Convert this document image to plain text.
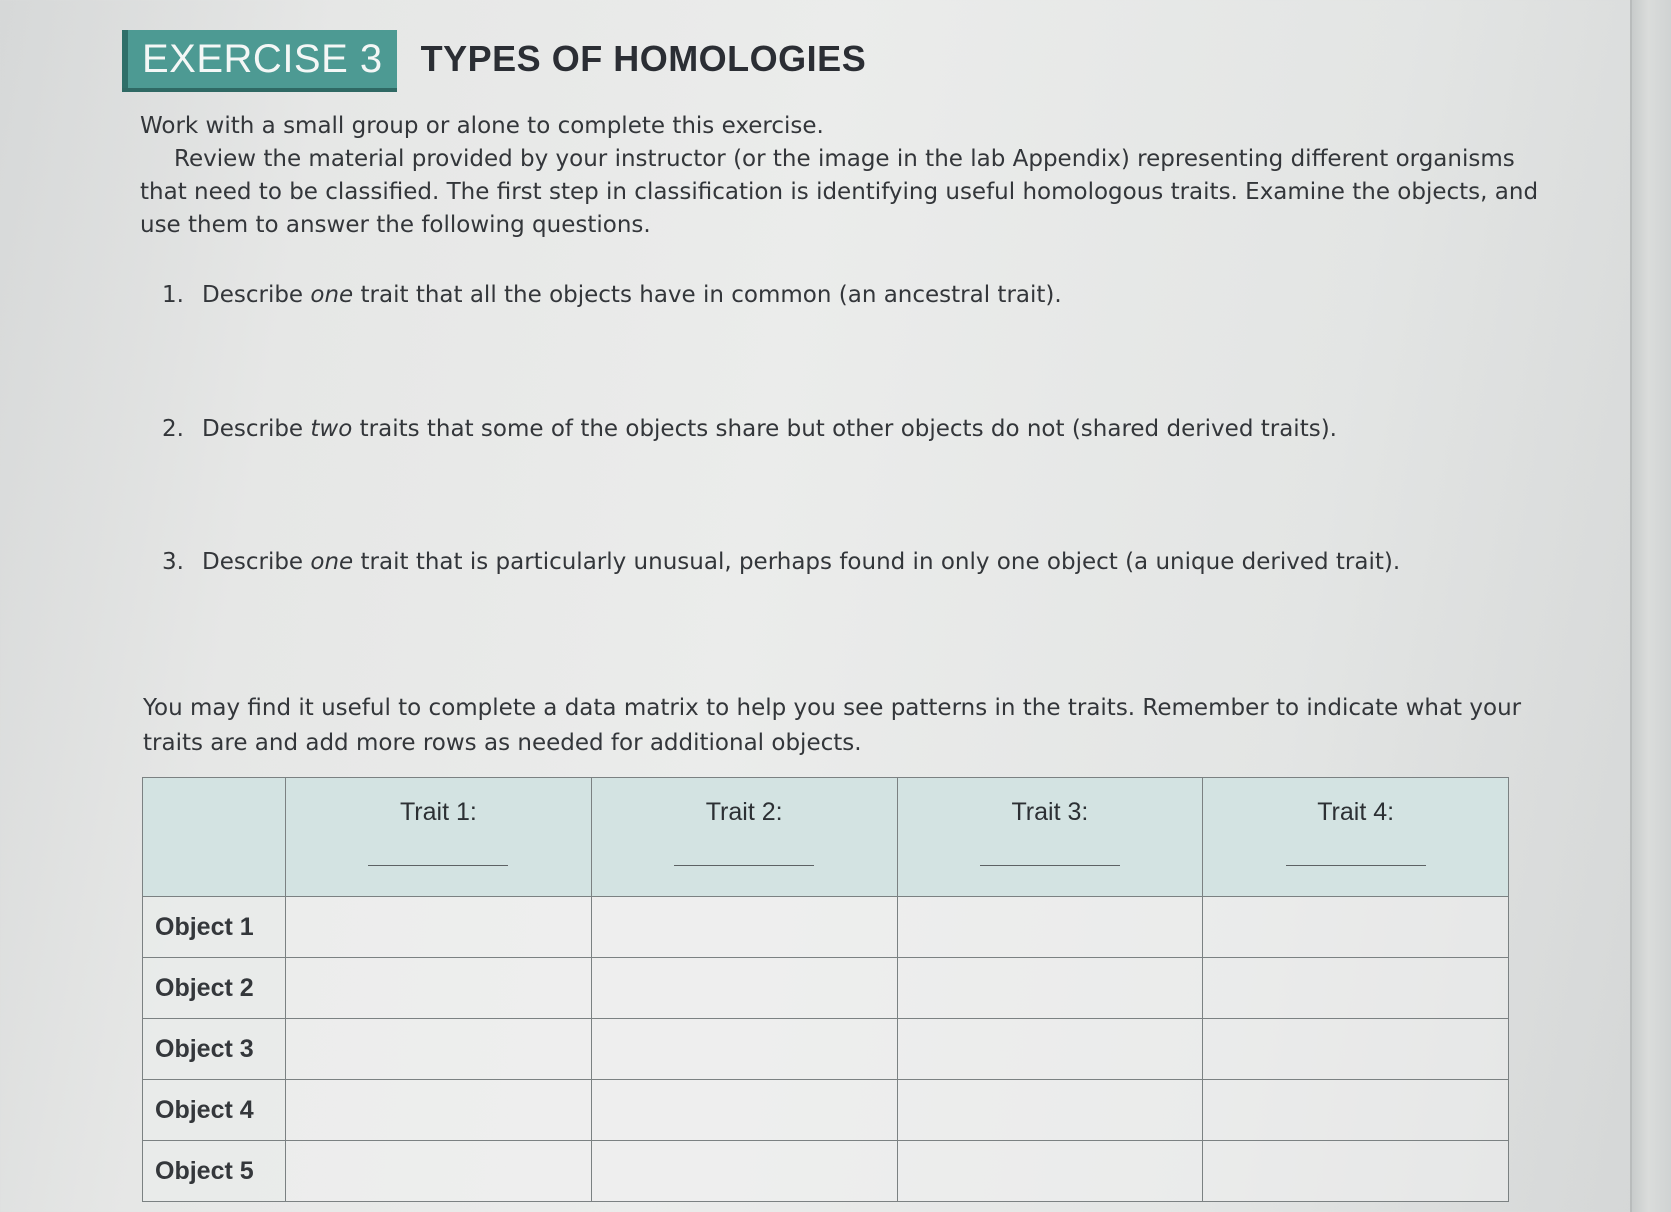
EXERCISE 3	TYPES OF HOMOLOGIES

Work with a small group or alone to complete this exercise.

Review the material provided by your instructor (or the image in the lab Appendix) representing different organisms that need to be classified. The first step in classification is identifying useful homologous traits. Examine the objects, and use them to answer the following questions.

1. Describe one trait that all the objects have in common (an ancestral trait).
2. Describe two traits that some of the objects share but other objects do not (shared derived traits).
3. Describe one trait that is particularly unusual, perhaps found in only one object (a unique derived trait).

You may find it useful to complete a data matrix to help you see patterns in the traits. Remember to indicate what your traits are and add more rows as needed for additional objects.

	Trait 1:	Trait 2:	Trait 3:	Trait 4:

Object 1				
Object 2				
Object 3				
Object 4				
Object 5				
